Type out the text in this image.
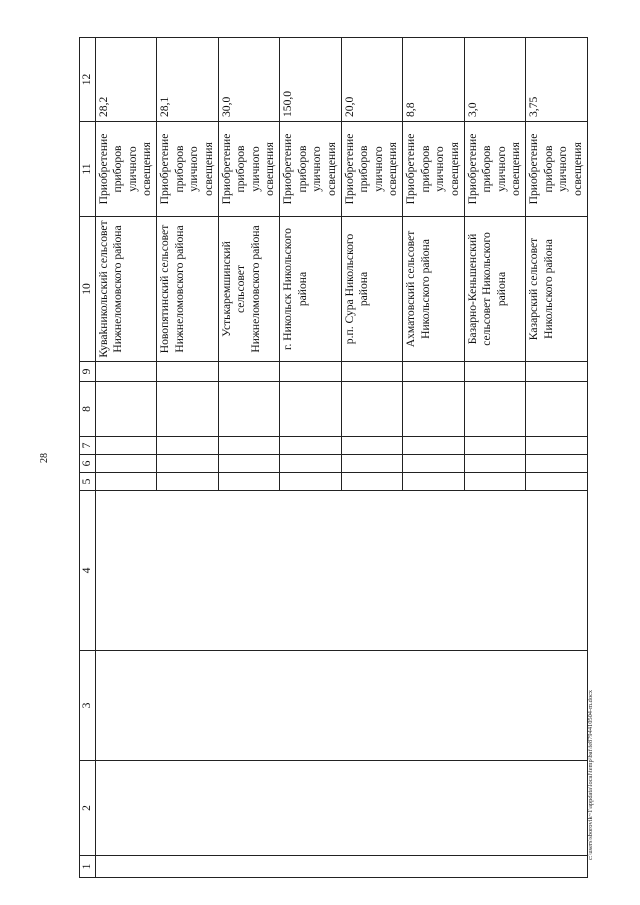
28
c:\users\sborovik~1\appdata\local\temp\bat\fe8794410504-m.docx
1	2	3	4	5	6	7	8	9	10	11	12
									Куваkникольский сельсовет Нижнеломовского района	Приобретение приборов уличного освещения	28,2
									Новопятинский сельсовет Нижнеломовского района	Приобретение приборов уличного освещения	28,1
									Устькаремшинский сельсовет Нижнеломовского района	Приобретение приборов уличного освещения	30,0
									г. Никольск Никольского района	Приобретение приборов уличного освещения	150,0
									р.п. Сура Никольского района	Приобретение приборов уличного освещения	20,0
									Ахматовский сельсовет Никольского района	Приобретение приборов уличного освещения	8,8
									Базарно-Кеньшенский сельсовет Никольского района	Приобретение приборов уличного освещения	3,0
									Казарский сельсовет Никольского района	Приобретение приборов уличного освещения	3,75
